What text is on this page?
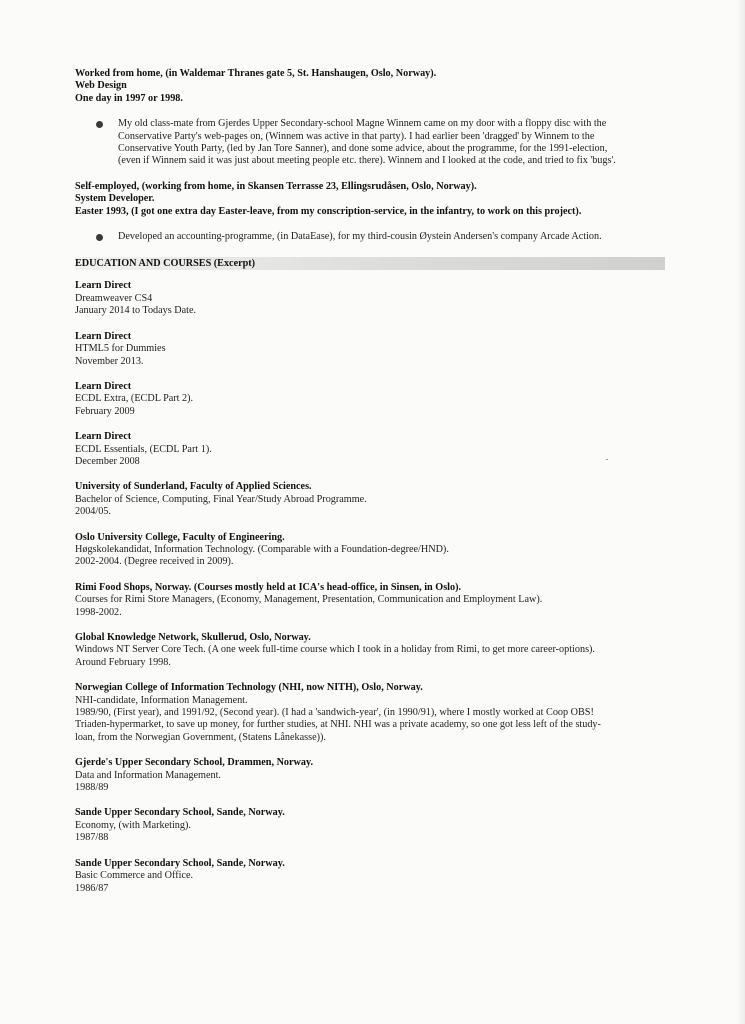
Worked from home, (in Waldemar Thranes gate 5, St. Hanshaugen, Oslo, Norway).
Web Design
One day in 1997 or 1998.
My old class-mate from Gjerdes Upper Secondary-school Magne Winnem came on my door with a floppy disc with the
Conservative Party's web-pages on, (Winnem was active in that party). I had earlier been 'dragged' by Winnem to the
Conservative Youth Party, (led by Jan Tore Sanner), and done some advice, about the programme, for the 1991-election,
(even if Winnem said it was just about meeting people etc. there). Winnem and I looked at the code, and tried to fix 'bugs'.
Self-employed, (working from home, in Skansen Terrasse 23, Ellingsrudåsen, Oslo, Norway).
System Developer.
Easter 1993, (I got one extra day Easter-leave, from my conscription-service, in the infantry, to work on this project).
Developed an accounting-programme, (in DataEase), for my third-cousin Øystein Andersen's company Arcade Action.
EDUCATION AND COURSES (Excerpt)
Learn Direct
Dreamweaver CS4
January 2014 to Todays Date.
Learn Direct
HTML5 for Dummies
November 2013.
Learn Direct
ECDL Extra, (ECDL Part 2).
February 2009
Learn Direct
ECDL Essentials, (ECDL Part 1).
December 2008
University of Sunderland, Faculty of Applied Sciences.
Bachelor of Science, Computing, Final Year/Study Abroad Programme.
2004/05.
Oslo University College, Faculty of Engineering.
Høgskolekandidat, Information Technology. (Comparable with a Foundation-degree/HND).
2002-2004. (Degree received in 2009).
Rimi Food Shops, Norway. (Courses mostly held at ICA's head-office, in Sinsen, in Oslo).
Courses for Rimi Store Managers, (Economy, Management, Presentation, Communication and Employment Law).
1998-2002.
Global Knowledge Network, Skullerud, Oslo, Norway.
Windows NT Server Core Tech. (A one week full-time course which I took in a holiday from Rimi, to get more career-options).
Around February 1998.
Norwegian College of Information Technology (NHI, now NITH), Oslo, Norway.
NHI-candidate, Information Management.
1989/90, (First year), and 1991/92, (Second year). (I had a 'sandwich-year', (in 1990/91), where I mostly worked at Coop OBS!
Triaden-hypermarket, to save up money, for further studies, at NHI. NHI was a private academy, so one got less left of the study-
loan, from the Norwegian Government, (Statens Lånekasse)).
Gjerde's Upper Secondary School, Drammen, Norway.
Data and Information Management.
1988/89
Sande Upper Secondary School, Sande, Norway.
Economy, (with Marketing).
1987/88
Sande Upper Secondary School, Sande, Norway.
Basic Commerce and Office.
1986/87
